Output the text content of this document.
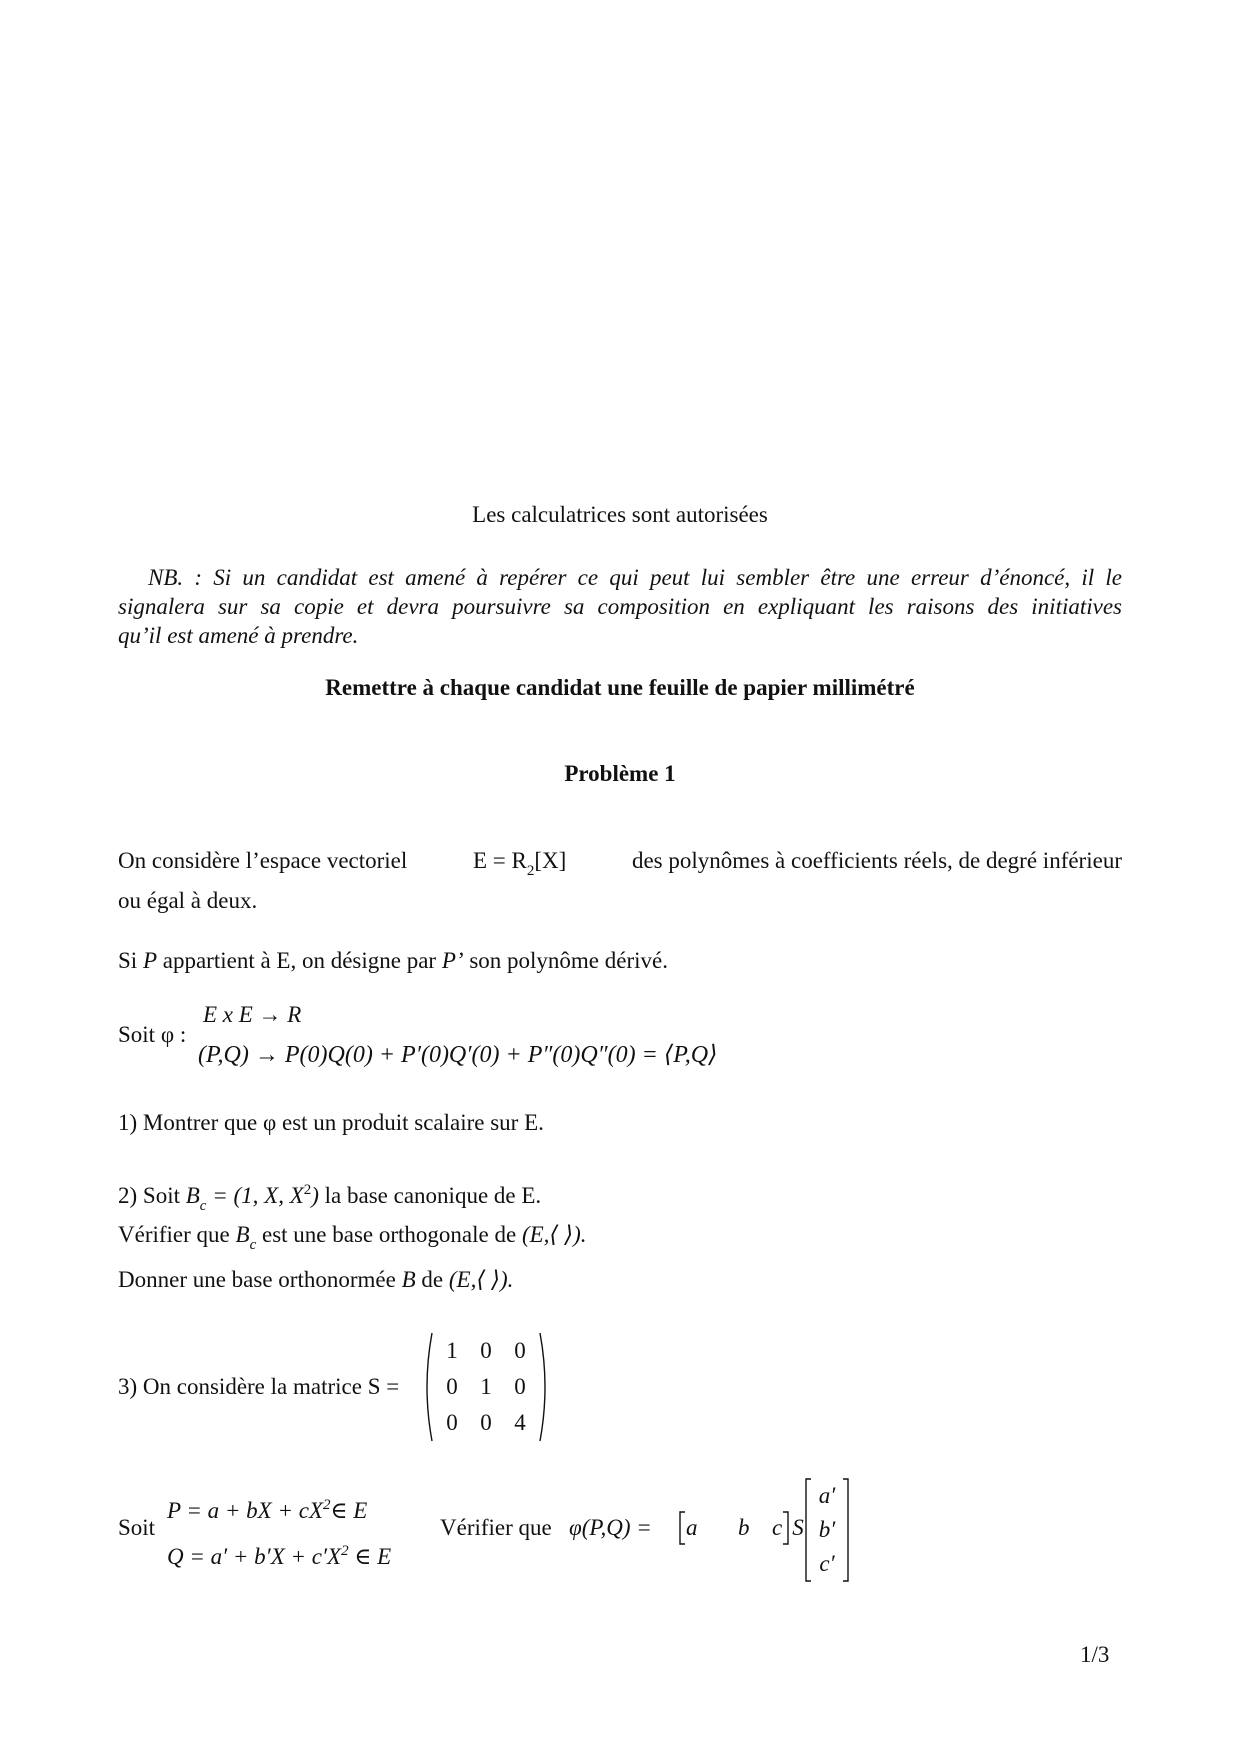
Les calculatrices sont autorisées
NB. : Si un candidat est amené à repérer ce qui peut lui sembler être une erreur d’énoncé, il le
signalera sur sa copie et devra poursuivre sa composition en expliquant les raisons des initiatives
qu’il est amené à prendre.
Remettre à chaque candidat une feuille de papier millimétré
Problème 1
On considère l’espace vectoriel	$E = R_2[X]$	des polynômes à coefficients réels, de degré inférieur
ou égal à deux.
Si P appartient à E, on désigne par P’ son polynôme dérivé.
Soit φ :
E x E → R
(P,Q) → P(0)Q(0) + P′(0)Q′(0) + P″(0)Q″(0) = ⟨P,Q⟩
1) Montrer que φ est un produit scalaire sur E.
2) Soit $B_c = (1$, X, $X^2$) la base canonique de E.
Vérifier que $B_c$ est une base orthogonale de (E,⟨ ⟩).
Donner une base orthonormée B de (E,⟨ ⟩).
3) On considère la matrice S =
1 0 0
0 1 0
0 0 4
Soit
P = a + bX + $cX^2\in$ E
$Q = a' + b'X + c'X^2$ ∈ E
Vérifier que φ(P,Q) = a	b c S
a′
b′
c′
1/3
